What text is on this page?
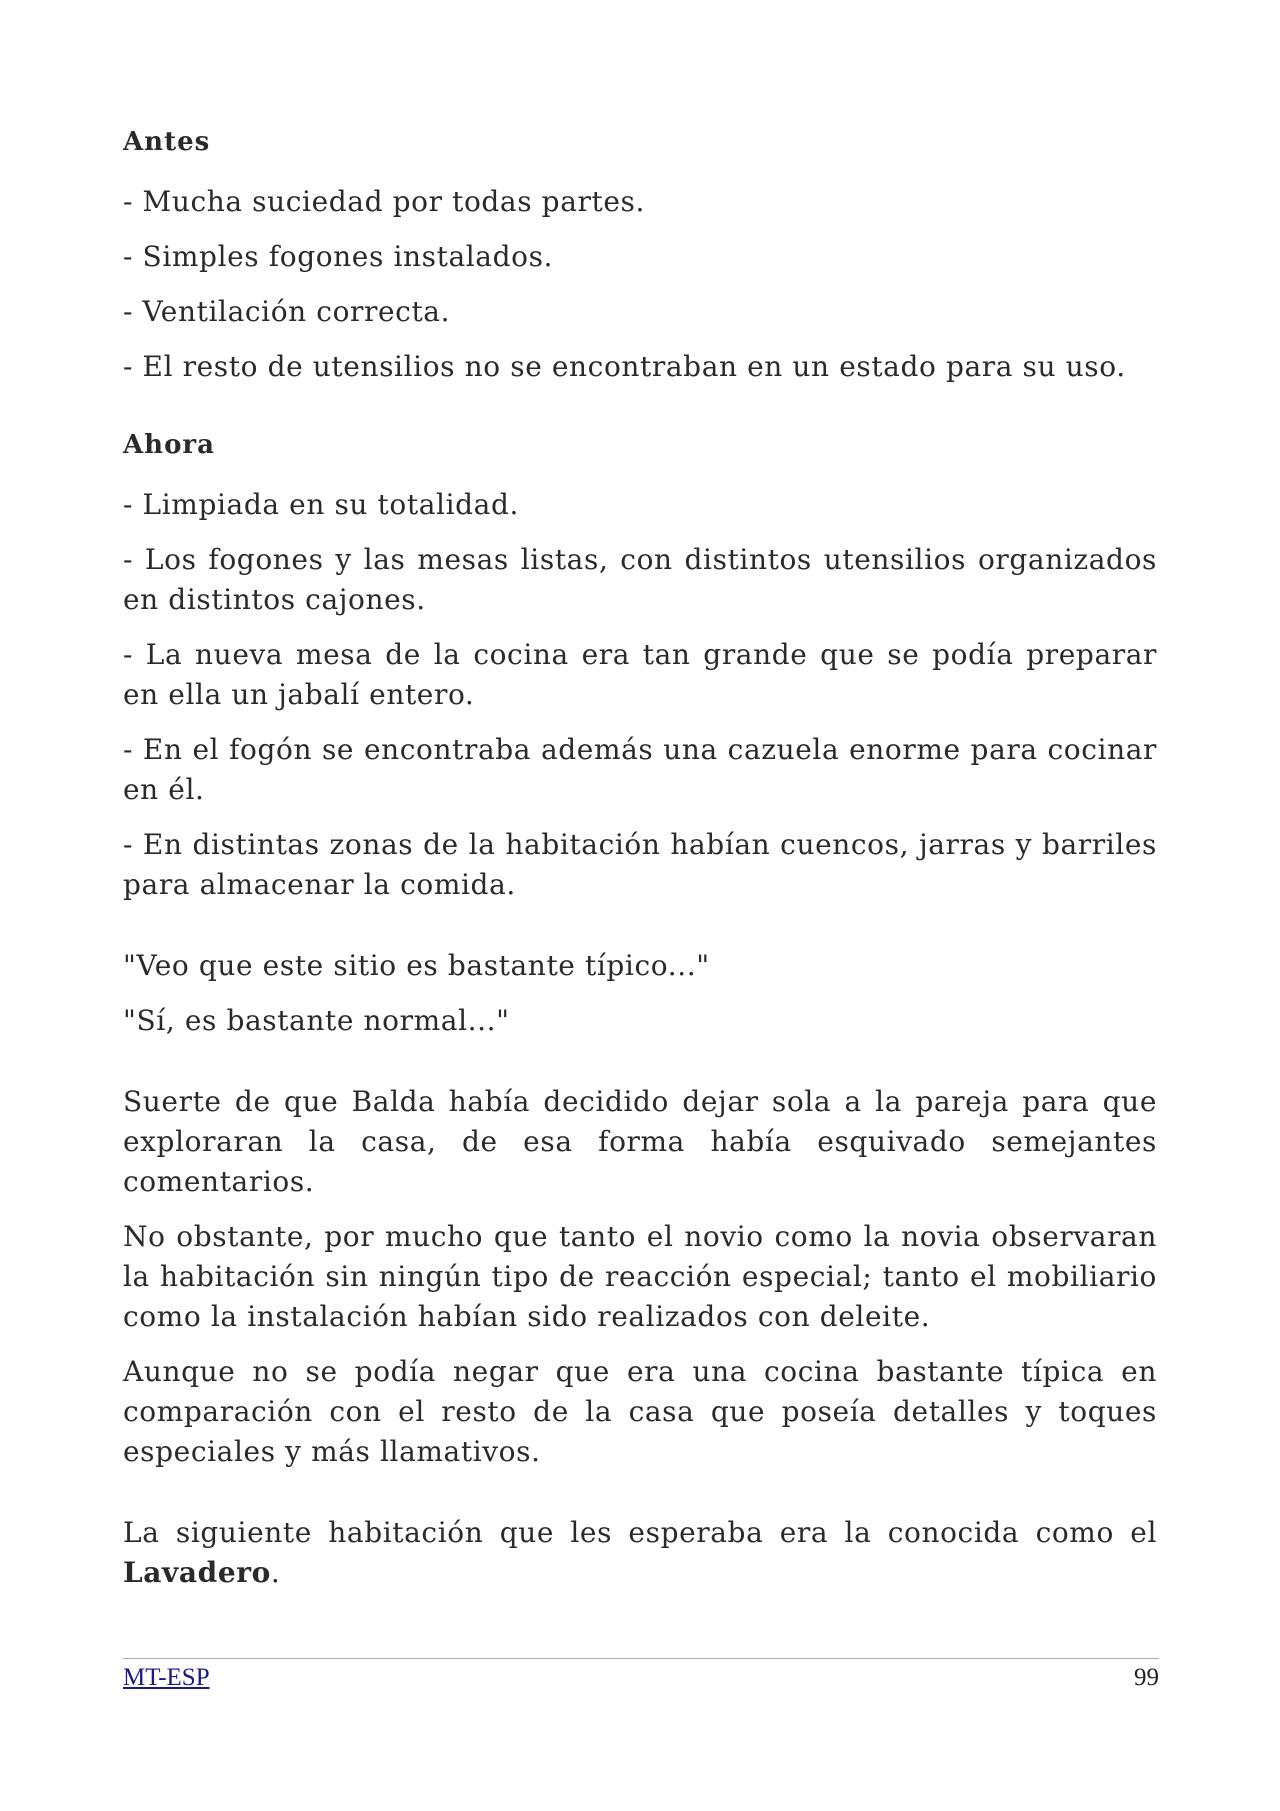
Antes
- Mucha suciedad por todas partes.
- Simples fogones instalados.
- Ventilación correcta.
- El resto de utensilios no se encontraban en un estado para su uso.
Ahora
- Limpiada en su totalidad.
- Los fogones y las mesas listas, con distintos utensilios organizados en distintos cajones.
- La nueva mesa de la cocina era tan grande que se podía preparar en ella un jabalí entero.
- En el fogón se encontraba además una cazuela enorme para cocinar en él.
- En distintas zonas de la habitación habían cuencos, jarras y barriles para almacenar la comida.
"Veo que este sitio es bastante típico..."
"Sí, es bastante normal..."
Suerte de que Balda había decidido dejar sola a la pareja para que exploraran la casa, de esa forma había esquivado semejantes comentarios.
No obstante, por mucho que tanto el novio como la novia observaran la habitación sin ningún tipo de reacción especial; tanto el mobiliario como la instalación habían sido realizados con deleite.
Aunque no se podía negar que era una cocina bastante típica en comparación con el resto de la casa que poseía detalles y toques especiales y más llamativos.
La siguiente habitación que les esperaba era la conocida como el Lavadero.
MT-ESP	99
